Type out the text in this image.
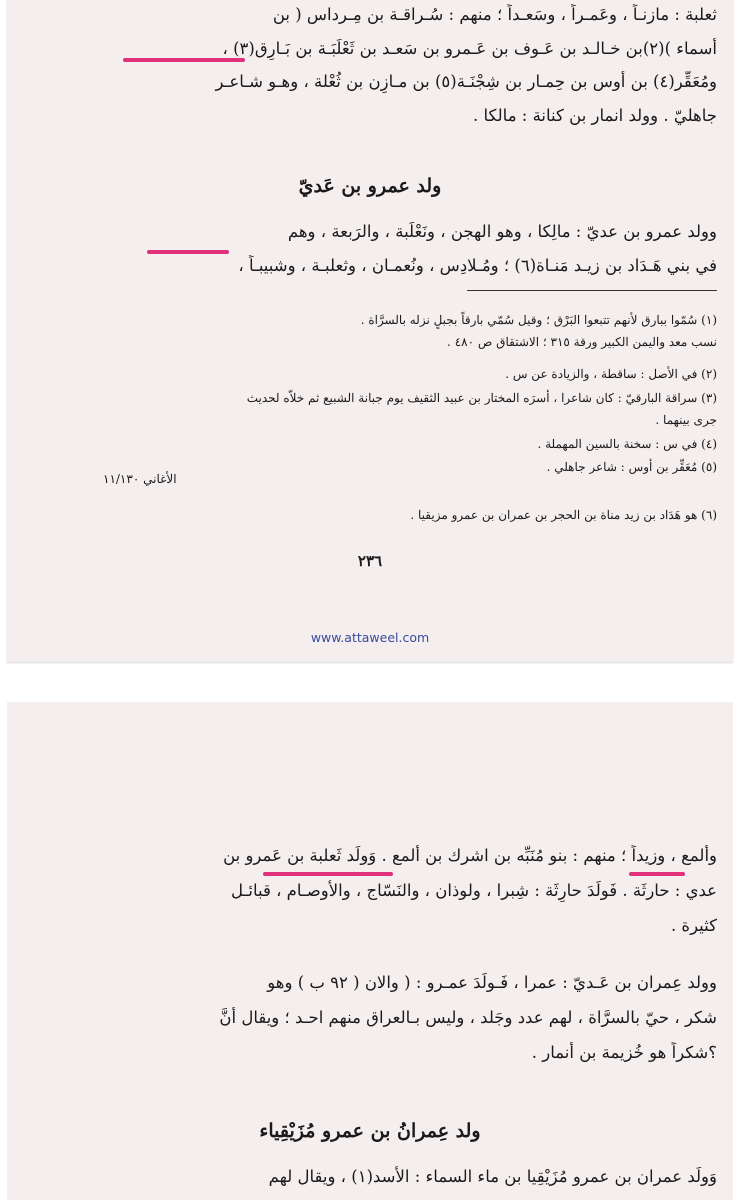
ثعلبة : مازنـاً ، وعَمـراً ، وسَعـداً ؛ منهم : سُـراقـة بن مِـرداس ( بن
أسماء )(٢)بن خـالـد بن عَـوف بن عَـمرو بن سَعـد بن ثَعْلَبَـة بن بَـارِق(٣) ،
ومُعَقِّر(٤) بن أوس بن حِمـار بن شِجْنَـة(٥) بن مـازِن بن ثُعْلة ، وهـو شـاعـر
جاهليّ . وولد انمار بن كنانة : مالكا .
ولد عمرو بن عَديّ
وولد عمرو بن عديّ : مالِكا ، وهو الهجن ، ونَعْلَبة ، والرَبعة ، وهم
في بني هَـدَاد بن زيـد مَنـاة(٦) ؛ ومُـلادِس ، ونُعمـان ، وثعلبـة ، وشبيبـاً ،
(١) سُمّوا ببارق لأنهم تتبعوا البَرْق ؛ وقيل سُمّي بارقاً بجبلٍ نزله بالسرَّاة .
نسب معد واليمن الكبير ورقة ٣١٥ ؛ الاشتقاق ص ٤٨٠ .
(٢) في الأصل : ساقطة ، والزيادة عن س .
(٣) سراقة البارقيّ : كان شاعرا ، أسرَه المختار بن عبيد الثقيف يوم جبانة الشبيع ثم خلاّه لحديث
جرى بينهما .
(٤) في س : سخنة بالسين المهملة .
(٥) مُعَقِّر بن أوس : شاعر جاهلي .
الأغاني ١١/١٣٠
(٦) هو هَدَاد بن زيد مناة بن الحجر بن عمران بن عمرو مزيقيا .
٢٣٦
www.attaweel.com
وألمع ، وزيداً ؛ منهم : بنو مُنَبِّه بن اشرك بن ألمع . وَولَد ثَعلبة بن عَمرو بن
عدي : حارثَة . فَولَدَ حارِثَة : شِبرا ، ولوذان ، والنَسّاج ، والأوصـام ، قبائـل
كثيرة .
وولد عِمران بن عَـديّ : عمرا ، فَـولَدَ عمـرو : ( والان ( ٩٢ ب ) وهو
شكر ، حيّ بالسرَّاة ، لهم عدد وجَلد ، وليس بـالعراق منهم احـد ؛ ويقال أنَّ
؟شكراً هو خُزيمة بن أنمار .
ولد عِمرانُ بن عمرو مُزَيْقِياء
وَولَد عمران بن عمرو مُزَيْقِيا بن ماء السماء : الأسد(١) ، ويقال لهم
